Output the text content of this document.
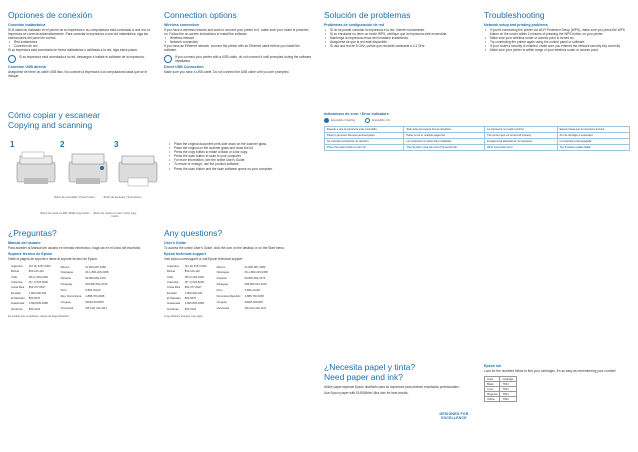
Opciones de conexión
Conexión inalámbrica
Si el cartucho instalado en el puerto de su impresora o su computadora está conectado a una red, la impresora se conecta automáticamente. Para conectar la impresora a una red inalámbrica, siga las instrucciones del panel de control.
• Red inalámbrica
• Conexión de red
Si su impresora está conectada de forma inalámbrica o cableada a la red, siga estos pasos.
Si su impresora está conectada a la red, descargue e instale el software de la impresora.
Conexión USB directa
Asegúrese de tener un cable USB listo. No conecte la impresora a la computadora hasta que se le indique.
Connection options
Wireless connection
If you have a wireless network and want to connect your printer to it, make sure your router is powered on. Follow the on-screen instructions to install the software.
• Wireless network
• Network connection
If you have an Ethernet network, connect the printer with an Ethernet cable before you install the software.
If you connect your printer with a USB cable, do not connect it until prompted during the software installation.
Direct USB Connection
Make sure you have a USB cable. Do not connect the USB cable until you are prompted.
Cómo copiar y escanear
Copying and scanning
1	2	3
Botón de encendido / Power button	Botón de escanear / Scan button
Botón de copiar en B/N / B&W copy button	Botón de copiar en color / Color copy button
• Place the original document print-side down on the scanner glass.
• Place the original on the scanner glass and close the lid.
• Press the copy button to make a black or color copy.
• Press the scan button to scan to your computer.
• For more information, see the online User's Guide.
• To resize or enlarge, use the product software.
• Press the scan button and the scan software opens on your computer.
¿Preguntas?
Manual del usuario
Para acceder al Manual del usuario en formato electrónico, haga clic en el icono del escritorio.
Soporte técnico de Epson
Visite la página de soporte o llame al soporte técnico de Epson.
Argentina	(54 11) 5167-0300
Bolivia	800-100-116
Chile	(56 2) 484-3400
Colombia	(57 1) 523-5000
Costa Rica	800-377-6627
Ecuador	1-800-000-044
El Salvador	800-6570
Guatemala	1-800-835-0358
Honduras	800-0122
México	01-800-087-1080
Nicaragua	00-1-800-226-0368
Panamá	00-800-052-1376
Paraguay	009-800-521-0019
Perú	0-800-10126
Rep. Dominicana	1-888-760-0068
Uruguay	00040-5210067
Venezuela	(58 212) 240-1111
Es posible que se apliquen cargos de larga distancia.
Any questions?
User's Guide
To access the online User's Guide, click the icon on the desktop or on the Start menu.
Epson technical support
Visit epson.com/support or call Epson technical support.
Argentina	(54 11) 5167-0300
Bolivia	800-100-116
Chile	(56 2) 484-3400
Colombia	(57 1) 523-5000
Costa Rica	800-377-6627
Ecuador	1-800-000-044
El Salvador	800-6570
Guatemala	1-800-835-0358
Honduras	800-0122
Mexico	01-800-087-1080
Nicaragua	00-1-800-226-0368
Panama	00-800-052-1376
Paraguay	009-800-521-0019
Peru	0-800-10126
Dominican Republic	1-888-760-0068
Uruguay	00040-5210067
Venezuela	(58 212) 240-1111
Long distance charges may apply.
Solución de problemas
Problemas de configuración de red
• Si no se puede conectar la impresora a la red, intente nuevamente.
• Si su enrutador no tiene un botón WPS, verifique que la impresora esté encendida.
• Mantenga la impresora cerca del enrutador inalámbrico.
• Asegúrese de que la red esté disponible.
• Si usa una red de 5 GHz, puede que necesite cambiarla a 2,4 GHz.
Troubleshooting
Network setup and printing problems
• If you're connecting the printer via Wi-Fi Protected Setup (WPS), make sure you press the WPS button on the router within 2 minutes of pressing the WPS button on your printer.
• Make sure your wireless router or access point is turned on.
• Try connecting the printer again using the control panel or software.
• If your router's security is enabled, make sure you entered the network security key correctly.
• Make sure your printer is within range of your wireless router or access point.
Indicadores de error / Error indicators
Encendido / Flashing	Encendido / On
Esperar a que la impresora esté encendida.	Todo está a la espera de los cartuchos.	La impresora no puede imprimir.	Espere hasta que la impresora termine.
Paper is jammed. Remove jammed paper.	Paper is out or multiple pages fed.	The printer was not turned off properly.	An ink cartridge is expended.
Se necesita reemplazar un cartucho.	Los cartuchos no están bien instalados.	El papel está atascado en la impresora.	La impresora está apagada.
Press the power button to turn off.	The ink pad is near the end of its service life.	Wi-Fi connection error.	The firmware update failed.
¿Necesita papel y tinta?
Need paper and ink?
Utilice papel especial Epson diseñado para su impresora para obtener resultados profesionales.
Use Epson paper with DURABrite Ultra inks for best results.
DESIGNED FOR EXCELLENCE
Epson ink
Look for the numbers below to find your cartridges. It's as easy as remembering your number!
Color	Cartridge
Black	T664
Cyan	T664
Magenta	T664
Yellow	T664
